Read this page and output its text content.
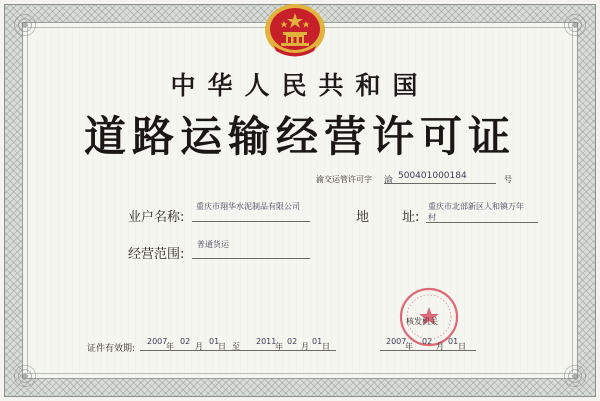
中华人民共和国
道路运输经营许可证
渝交运管许可字 渝 500401000184	号
业户名称:
重庆市翔华水泥制品有限公司
地	址:
重庆市北部新区人和镇万年
村
经营范围:
普通货运
证件有效期:
2007
年
02
月
01
日 至
2011
年
02
月
01
日
核发机关
2007
年
02
月
01
日
